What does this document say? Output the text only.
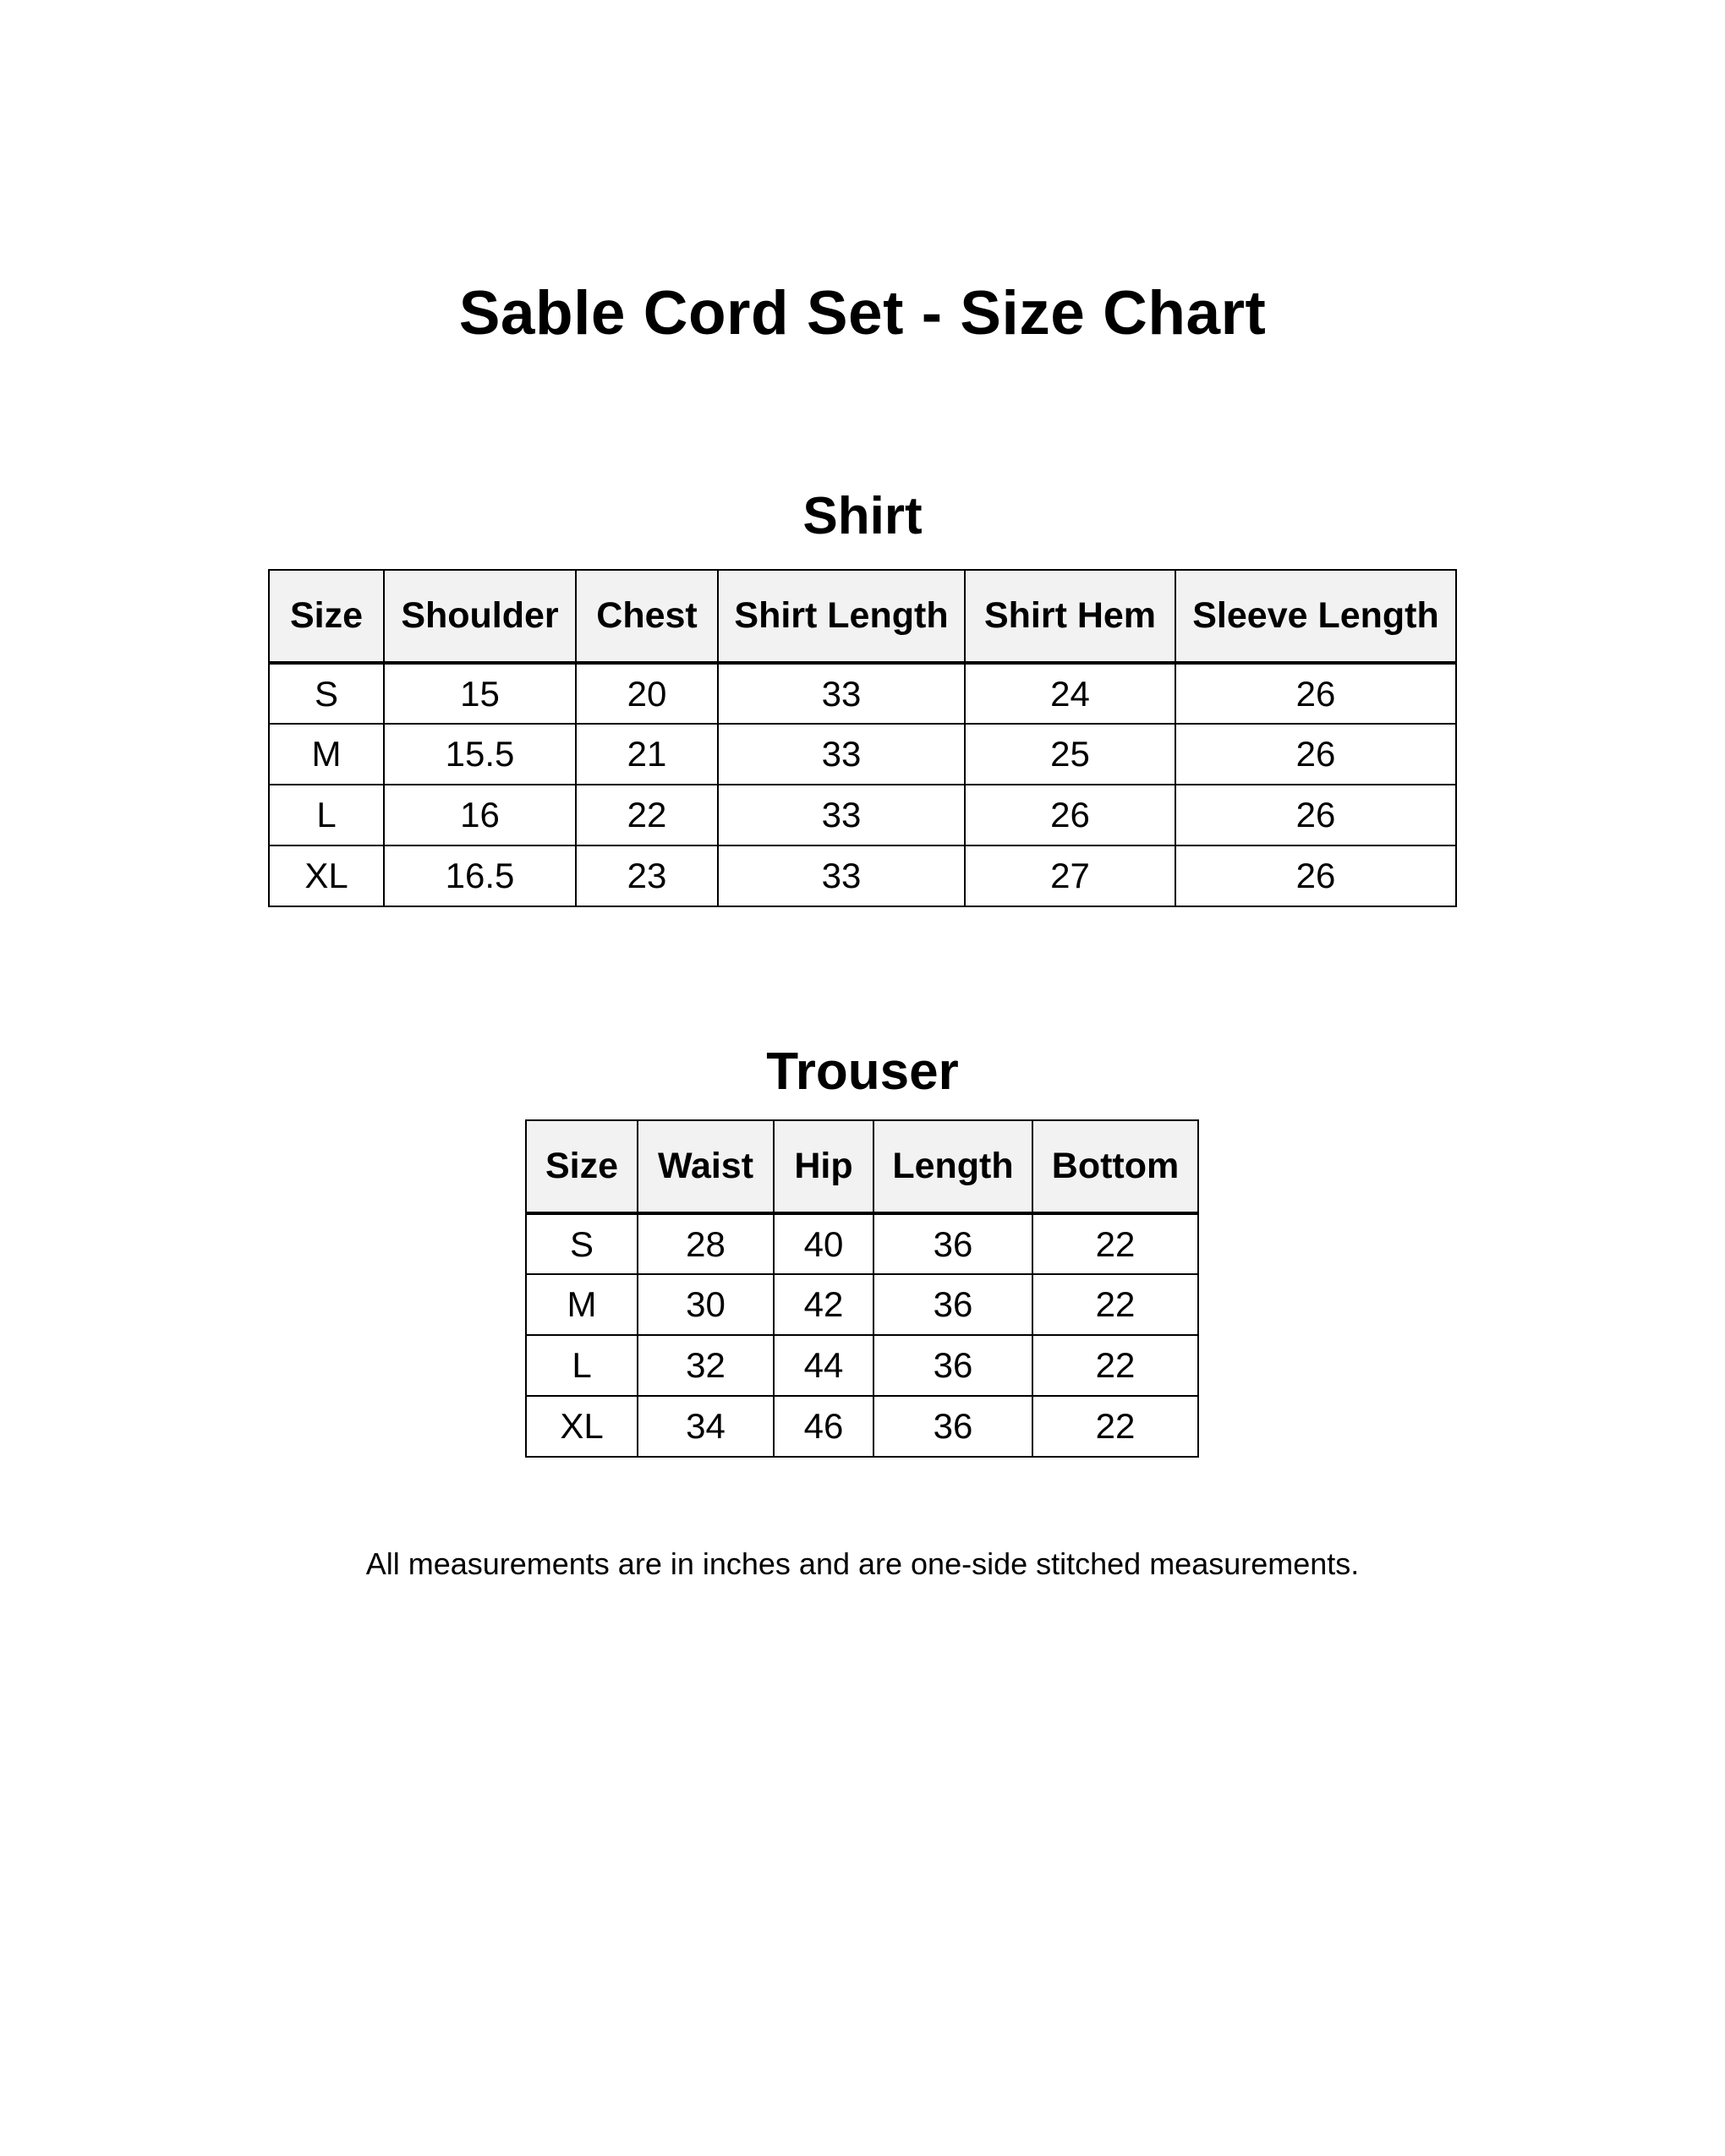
Sable Cord Set - Size Chart
Shirt
Size	Shoulder	Chest	Shirt Length	Shirt Hem	Sleeve Length
S	15	20	33	24	26
M	15.5	21	33	25	26
L	16	22	33	26	26
XL	16.5	23	33	27	26
Trouser
Size	Waist	Hip	Length	Bottom
S	28	40	36	22
M	30	42	36	22
L	32	44	36	22
XL	34	46	36	22
All measurements are in inches and are one-side stitched measurements.
